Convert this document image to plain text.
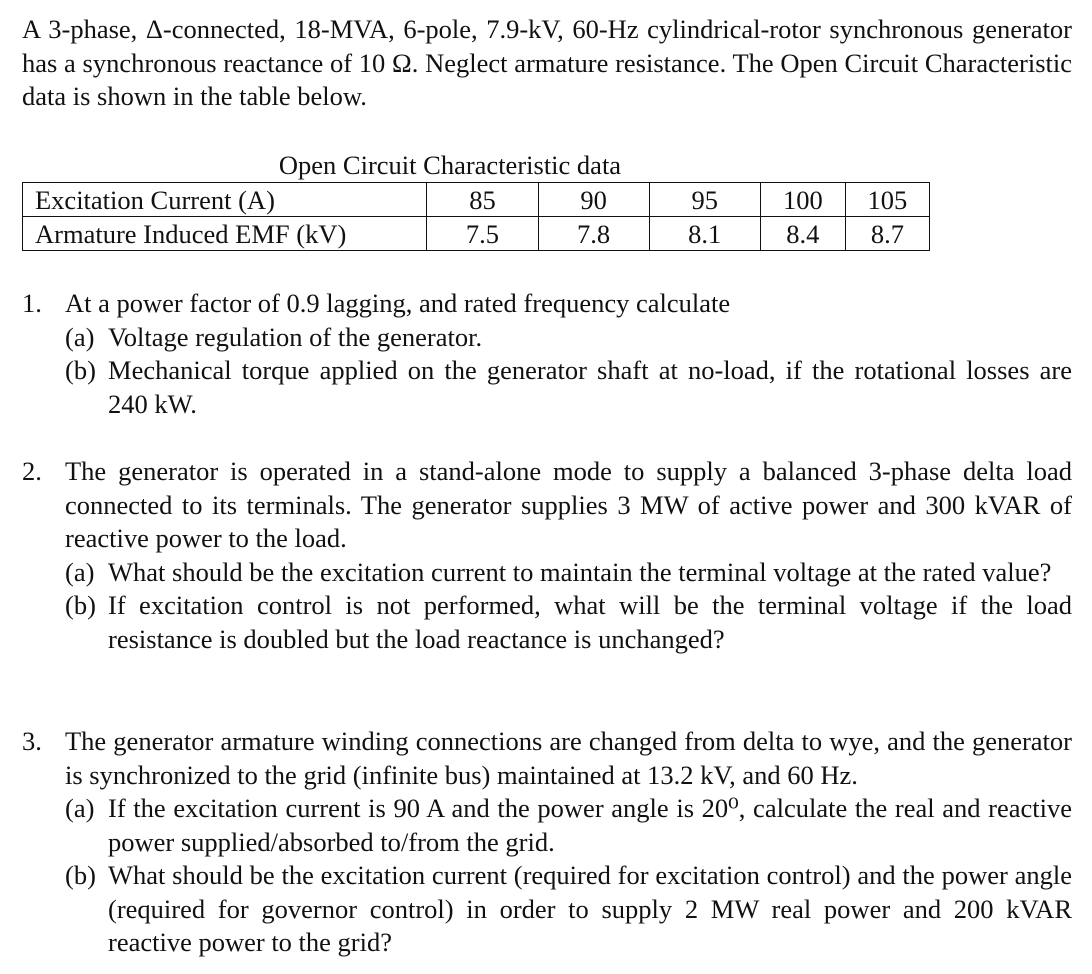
A 3-phase, Δ-connected, 18-MVA, 6-pole, 7.9-kV, 60-Hz cylindrical-rotor synchronous generator has a synchronous reactance of 10 Ω. Neglect armature resistance. The Open Circuit Characteristic data is shown in the table below.

Open Circuit Characteristic data
Excitation Current (A)	85	90	95	100	105
Armature Induced EMF (kV)	7.5	7.8	8.1	8.4	8.7
1. At a power factor of 0.9 lagging, and rated frequency calculate

(a) Voltage regulation of the generator.
(b) Mechanical torque applied on the generator shaft at no-load, if the rotational losses are 240 kW.
2. The generator is operated in a stand-alone mode to supply a balanced 3-phase delta load connected to its terminals. The generator supplies 3 MW of active power and 300 kVAR of reactive power to the load.

(a) What should be the excitation current to maintain the terminal voltage at the rated value?
(b) If excitation control is not performed, what will be the terminal voltage if the load resistance is doubled but the load reactance is unchanged?
3. The generator armature winding connections are changed from delta to wye, and the generator is synchronized to the grid (infinite bus) maintained at 13.2 kV, and 60 Hz.

(a) If the excitation current is 90 A and the power angle is 20⁰, calculate the real and reactive power supplied/absorbed to/from the grid.
(b) What should be the excitation current (required for excitation control) and the power angle (required for governor control) in order to supply 2 MW real power and 200 kVAR reactive power to the grid?
